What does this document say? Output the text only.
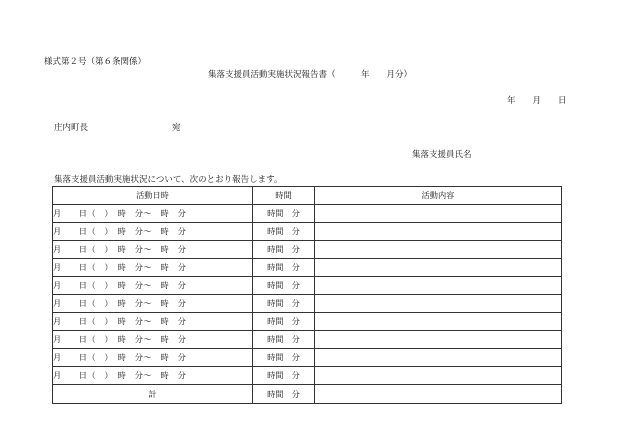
様式第２号（第６条関係）
集落支援員活動実施状況報告書（　　　年　　月分）
年　　月　　日
庄内町長	宛
集落支援員氏名
集落支援員活動実施状況について、次のとおり報告します。
活動日時	時間	活動内容
月　　日（　）　時　分～　時　分	時間　分	
月　　日（　）　時　分～　時　分	時間　分	
月　　日（　）　時　分～　時　分	時間　分	
月　　日（　）　時　分～　時　分	時間　分	
月　　日（　）　時　分～　時　分	時間　分	
月　　日（　）　時　分～　時　分	時間　分	
月　　日（　）　時　分～　時　分	時間　分	
月　　日（　）　時　分～　時　分	時間　分	
月　　日（　）　時　分～　時　分	時間　分	
月　　日（　）　時　分～　時　分	時間　分	
計	時間　分	
